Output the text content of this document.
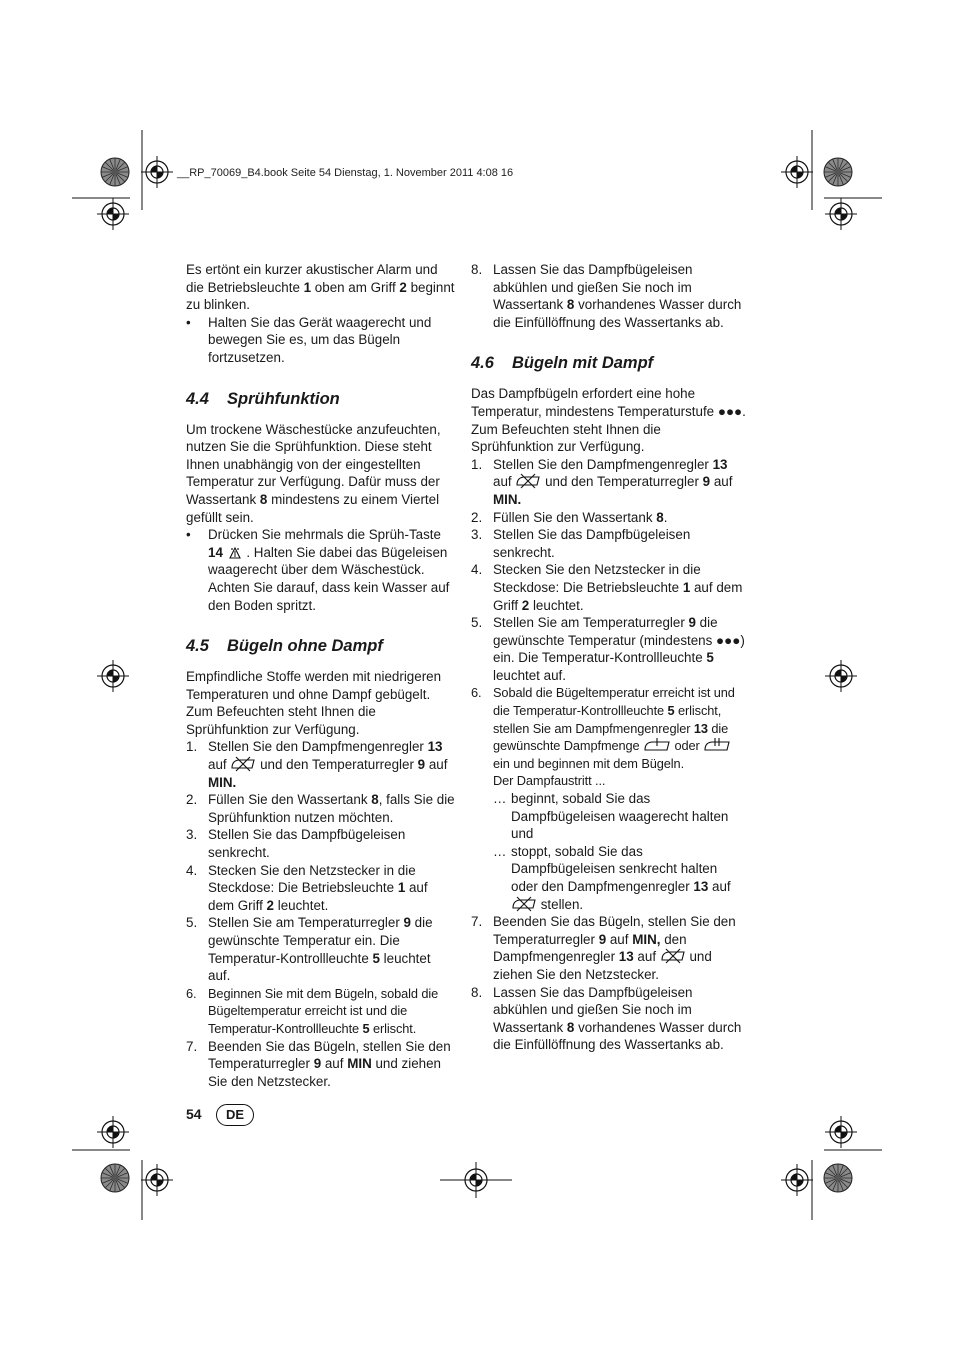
__RP_70069_B4.book Seite 54 Dienstag, 1. November 2011 4:08 16

Es ertönt ein kurzer akustischer Alarm und die Betriebsleuchte 1 oben am Griff 2 beginnt zu blinken.

• Halten Sie das Gerät waagerecht und bewegen Sie es, um das Bügeln fortzusetzen.
4.4 Sprühfunktion

Um trockene Wäschestücke anzufeuchten, nutzen Sie die Sprühfunktion. Diese steht Ihnen unabhängig von der eingestellten Temperatur zur Verfügung. Dafür muss der Wassertank 8 mindestens zu einem Viertel gefüllt sein.

• Drücken Sie mehrmals die Sprüh-Taste 14  . Halten Sie dabei das Bügeleisen waagerecht über dem Wäschestück. Achten Sie darauf, dass kein Wasser auf den Boden spritzt.
4.5 Bügeln ohne Dampf

Empfindliche Stoffe werden mit niedrigeren Temperaturen und ohne Dampf gebügelt. Zum Befeuchten steht Ihnen die Sprühfunktion zur Verfügung.

1. Stellen Sie den Dampfmengenregler 13 auf  und den Temperaturregler 9 auf MIN.
2. Füllen Sie den Wassertank 8, falls Sie die Sprühfunktion nutzen möchten.
3. Stellen Sie das Dampfbügeleisen senkrecht.
4. Stecken Sie den Netzstecker in die Steckdose: Die Betriebsleuchte 1 auf dem Griff 2 leuchtet.
5. Stellen Sie am Temperaturregler 9 die gewünschte Temperatur ein. Die Temperatur-Kontrollleuchte 5 leuchtet auf.
6. Beginnen Sie mit dem Bügeln, sobald die Bügeltemperatur erreicht ist und die Temperatur-Kontrollleuchte 5 erlischt.
7. Beenden Sie das Bügeln, stellen Sie den Temperaturregler 9 auf MIN und ziehen Sie den Netzstecker.
8. Lassen Sie das Dampfbügeleisen abkühlen und gießen Sie noch im Wassertank 8 vorhandenes Wasser durch die Einfüllöffnung des Wassertanks ab.
4.6 Bügeln mit Dampf

Das Dampfbügeln erfordert eine hohe Temperatur, mindestens Temperaturstufe ●●●. Zum Befeuchten steht Ihnen die Sprühfunktion zur Verfügung.

1. Stellen Sie den Dampfmengenregler 13 auf  und den Temperaturregler 9 auf MIN.
2. Füllen Sie den Wassertank 8.
3. Stellen Sie das Dampfbügeleisen senkrecht.
4. Stecken Sie den Netzstecker in die Steckdose: Die Betriebsleuchte 1 auf dem Griff 2 leuchtet.
5. Stellen Sie am Temperaturregler 9 die gewünschte Temperatur (mindestens ●●●) ein. Die Temperatur-Kontrollleuchte 5 leuchtet auf.
6. Sobald die Bügeltemperatur erreicht ist und die Temperatur-Kontrollleuchte 5 erlischt, stellen Sie am Dampfmengenregler 13 die gewünschte Dampfmenge  oder  ein und beginnen mit dem Bügeln.
Der Dampfaustritt ...
… beginnt, sobald Sie das Dampfbügeleisen waagerecht halten und
… stoppt, sobald Sie das Dampfbügeleisen senkrecht halten oder den Dampfmengenregler 13 auf  stellen.
7. Beenden Sie das Bügeln, stellen Sie den Temperaturregler 9 auf MIN, den Dampfmengenregler 13 auf  und ziehen Sie den Netzstecker.
8. Lassen Sie das Dampfbügeleisen abkühlen und gießen Sie noch im Wassertank 8 vorhandenes Wasser durch die Einfüllöffnung des Wassertanks ab.
54	DE
